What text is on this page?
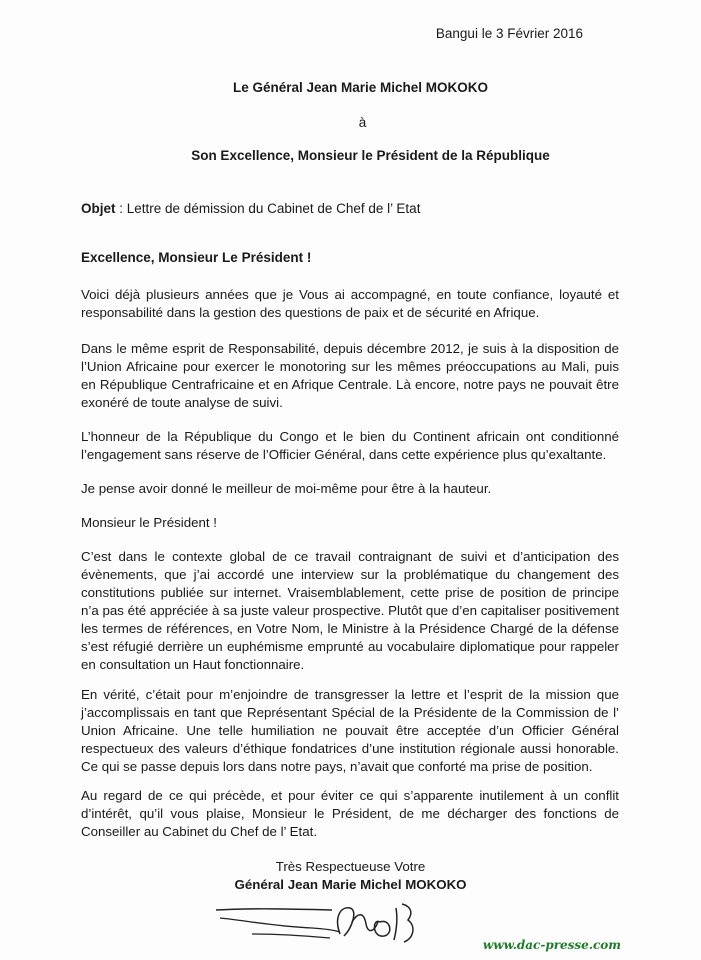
Bangui le 3 Février 2016
Le Général Jean Marie Michel MOKOKO
à
Son Excellence, Monsieur le Président de la République
Objet : Lettre de démission du Cabinet de Chef de l’ Etat
Excellence, Monsieur Le Président !
Voici déjà plusieurs années que je Vous ai accompagné, en toute confiance, loyauté et responsabilité dans la gestion des questions de paix et de sécurité en Afrique.
Dans le même esprit de Responsabilité, depuis décembre 2012, je suis à la disposition de l’Union Africaine pour exercer le monotoring sur les mêmes préoccupations au Mali, puis en République Centrafricaine et en Afrique Centrale. Là encore, notre pays ne pouvait être exonéré de toute analyse de suivi.
L’honneur de la République du Congo et le bien du Continent africain ont conditionné l’engagement sans réserve de l’Officier Général, dans cette expérience plus qu’exaltante.
Je pense avoir donné le meilleur de moi-même pour être à la hauteur.
Monsieur le Président !
C’est dans le contexte global de ce travail contraignant de suivi et d’anticipation des évènements, que j’ai accordé une interview sur la problématique du changement des constitutions publiée sur internet. Vraisemblablement, cette prise de position de principe n’a pas été appréciée à sa juste valeur prospective. Plutôt que d’en capitaliser positivement les termes de références, en Votre Nom, le Ministre à la Présidence Chargé de la défense s’est réfugié derrière un euphémisme emprunté au vocabulaire diplomatique pour rappeler en consultation un Haut fonctionnaire.
En vérité, c’était pour m’enjoindre de transgresser la lettre et l’esprit de la mission que j’accomplissais en tant que Représentant Spécial de la Présidente de la Commission de l’ Union Africaine. Une telle humiliation ne pouvait être acceptée d’un Officier Général respectueux des valeurs d’éthique fondatrices d’une institution régionale aussi honorable. Ce qui se passe depuis lors dans notre pays, n’avait que conforté ma prise de position.
Au regard de ce qui précède, et pour éviter ce qui s’apparente inutilement à un conflit d’intérêt, qu’il vous plaise, Monsieur le Président, de me décharger des fonctions de Conseiller au Cabinet du Chef de l’ Etat.
Très Respectueuse Votre
Général Jean Marie Michel MOKOKO
www.dac-presse.com
